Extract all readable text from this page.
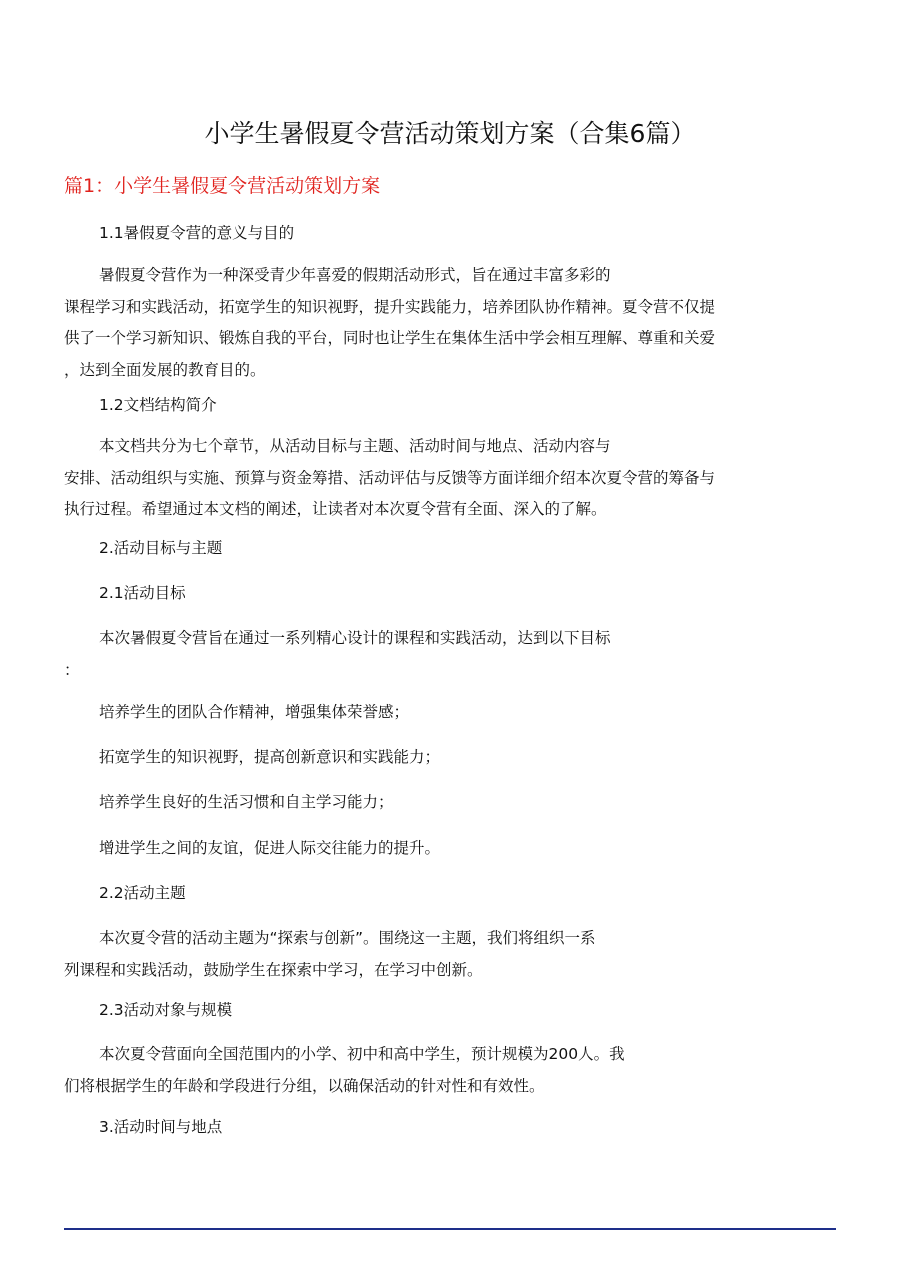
小学生暑假夏令营活动策划方案（合集6篇）
篇1：小学生暑假夏令营活动策划方案

1.1暑假夏令营的意义与目的

暑假夏令营作为一种深受青少年喜爱的假期活动形式，旨在通过丰富多彩的
课程学习和实践活动，拓宽学生的知识视野，提升实践能力，培养团队协作精神。夏令营不仅提
供了一个学习新知识、锻炼自我的平台，同时也让学生在集体生活中学会相互理解、尊重和关爱
，达到全面发展的教育目的。

1.2文档结构简介

本文档共分为七个章节，从活动目标与主题、活动时间与地点、活动内容与
安排、活动组织与实施、预算与资金筹措、活动评估与反馈等方面详细介绍本次夏令营的筹备与
执行过程。希望通过本文档的阐述，让读者对本次夏令营有全面、深入的了解。

2.活动目标与主题

2.1活动目标

本次暑假夏令营旨在通过一系列精心设计的课程和实践活动，达到以下目标
：

培养学生的团队合作精神，增强集体荣誉感；

拓宽学生的知识视野，提高创新意识和实践能力；

培养学生良好的生活习惯和自主学习能力；

增进学生之间的友谊，促进人际交往能力的提升。

2.2活动主题

本次夏令营的活动主题为“探索与创新”。围绕这一主题，我们将组织一系
列课程和实践活动，鼓励学生在探索中学习，在学习中创新。

2.3活动对象与规模

本次夏令营面向全国范围内的小学、初中和高中学生，预计规模为200人。我
们将根据学生的年龄和学段进行分组，以确保活动的针对性和有效性。

3.活动时间与地点
